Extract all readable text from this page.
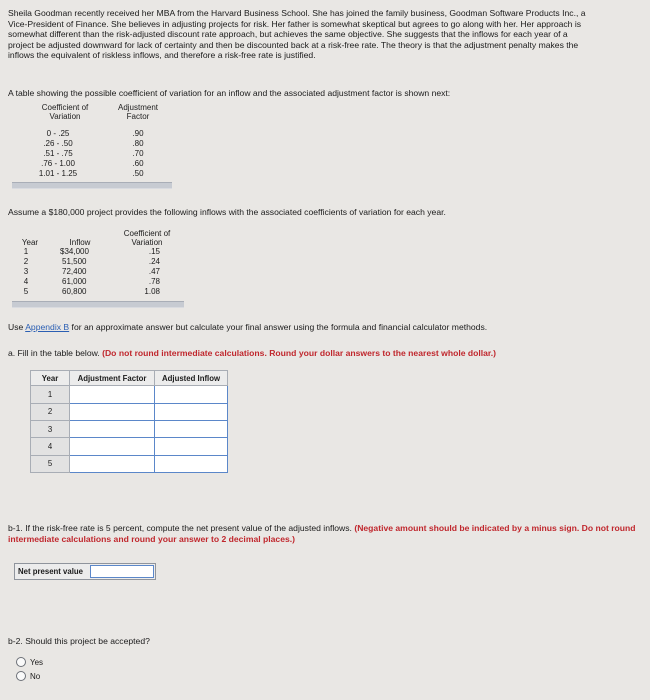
Sheila Goodman recently received her MBA from the Harvard Business School. She has joined the family business, Goodman Software Products Inc., a
Vice-President of Finance. She believes in adjusting projects for risk. Her father is somewhat skeptical but agrees to go along with her. Her approach is
somewhat different than the risk-adjusted discount rate approach, but achieves the same objective. She suggests that the inflows for each year of a
project be adjusted downward for lack of certainty and then be discounted back at a risk-free rate. The theory is that the adjustment penalty makes the
inflows the equivalent of riskless inflows, and therefore a risk-free rate is justified.
A table showing the possible coefficient of variation for an inflow and the associated adjustment factor is shown next:
Coefficient of
Variation
Adjustment
Factor
0 - .25	.90
.26 - .50	.80
.51 - .75	.70
.76 - 1.00	.60
1.01 - 1.25	.50
Assume a $180,000 project provides the following inflows with the associated coefficients of variation for each year.
Year	Inflow
Coefficient of
Variation
1	$34,000	.15
2	51,500	.24
3	72,400	.47
4	61,000	.78
5	60,800	1.08
Use Appendix B for an approximate answer but calculate your final answer using the formula and financial calculator methods.
a. Fill in the table below. (Do not round intermediate calculations. Round your dollar answers to the nearest whole dollar.)
Year	Adjustment Factor	Adjusted Inflow
1		
2		
3		
4		
5		
b-1. If the risk-free rate is 5 percent, compute the net present value of the adjusted inflows. (Negative amount should be indicated by a minus sign. Do not round intermediate calculations and round your answer to 2 decimal places.)
Net present value
b-2. Should this project be accepted?
Yes
No
